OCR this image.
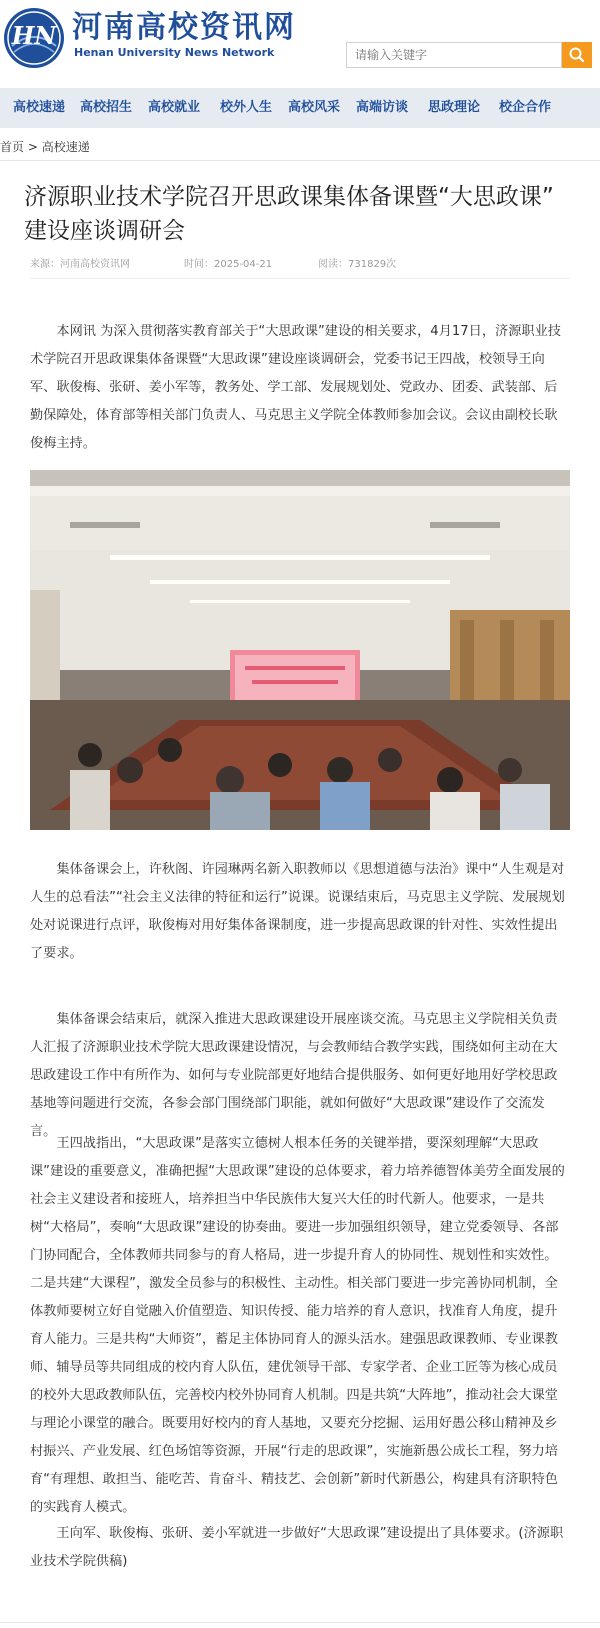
HN 河南高校资讯网
Henan University News Network
请输入关键字
高校速递 高校招生 高校就业 校外人生 高校风采 高端访谈 思政理论 校企合作
首页 > 高校速递
济源职业技术学院召开思政课集体备课暨“大思政课” 建设座谈调研会
来源：河南高校资讯网	时间：2025-04-21	阅读：731829次

本网讯 为深入贯彻落实教育部关于“大思政课”建设的相关要求，4月17日，济源职业技术学院召开思政课集体备课暨“大思政课”建设座谈调研会，党委书记王四战，校领导王向军、耿俊梅、张研、姜小军等，教务处、学工部、发展规划处、党政办、团委、武装部、后勤保障处，体育部等相关部门负责人、马克思主义学院全体教师参加会议。会议由副校长耿俊梅主持。

集体备课会上，许秋阁、许园琳两名新入职教师以《思想道德与法治》课中“人生观是对人生的总看法”“社会主义法律的特征和运行”说课。说课结束后，马克思主义学院、发展规划处对说课进行点评，耿俊梅对用好集体备课制度，进一步提高思政课的针对性、实效性提出了要求。

集体备课会结束后，就深入推进大思政课建设开展座谈交流。马克思主义学院相关负责人汇报了济源职业技术学院大思政课建设情况，与会教师结合教学实践，围绕如何主动在大思政建设工作中有所作为、如何与专业院部更好地结合提供服务、如何更好地用好学校思政基地等问题进行交流，各参会部门围绕部门职能，就如何做好“大思政课”建设作了交流发言。

王四战指出，“大思政课”是落实立德树人根本任务的关键举措，要深刻理解“大思政课”建设的重要意义，准确把握“大思政课”建设的总体要求，着力培养德智体美劳全面发展的社会主义建设者和接班人，培养担当中华民族伟大复兴大任的时代新人。他要求，一是共树“大格局”，奏响“大思政课”建设的协奏曲。要进一步加强组织领导，建立党委领导、各部门协同配合，全体教师共同参与的育人格局，进一步提升育人的协同性、规划性和实效性。二是共建“大课程”，激发全员参与的积极性、主动性。相关部门要进一步完善协同机制，全体教师要树立好自觉融入价值塑造、知识传授、能力培养的育人意识，找准育人角度，提升育人能力。三是共构“大师资”，蓄足主体协同育人的源头活水。建强思政课教师、专业课教师、辅导员等共同组成的校内育人队伍，建优领导干部、专家学者、企业工匠等为核心成员的校外大思政教师队伍，完善校内校外协同育人机制。四是共筑“大阵地”，推动社会大课堂与理论小课堂的融合。既要用好校内的育人基地，又要充分挖掘、运用好愚公移山精神及乡村振兴、产业发展、红色场馆等资源，开展“行走的思政课”，实施新愚公成长工程，努力培育“有理想、敢担当、能吃苦、肯奋斗、精技艺、会创新”新时代新愚公，构建具有济职特色的实践育人模式。

王向军、耿俊梅、张研、姜小军就进一步做好“大思政课”建设提出了具体要求。(济源职业技术学院供稿)
